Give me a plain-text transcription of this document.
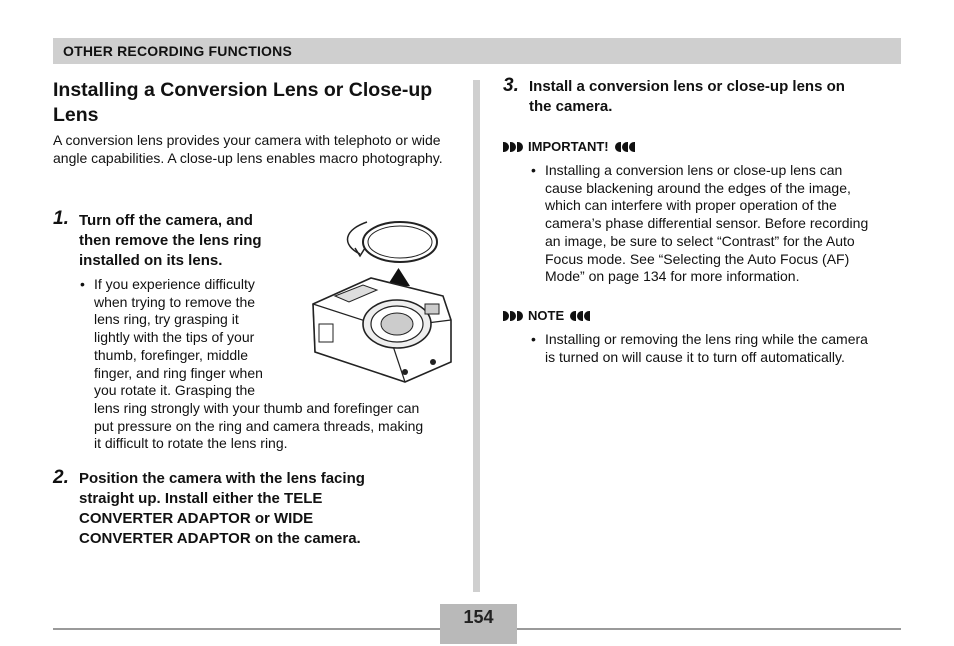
OTHER RECORDING FUNCTIONS
Installing a Conversion Lens or Close-up Lens

A conversion lens provides your camera with telephoto or wide angle capabilities. A close-up lens enables macro photography.

1. Turn off the camera, and
then remove the lens ring
installed on its lens.
• If you experience difficulty
when trying to remove the
lens ring, try grasping it
lightly with the tips of your
thumb, forefinger, middle
finger, and ring finger when
you rotate it. Grasping the
lens ring strongly with your thumb and forefinger can
put pressure on the ring and camera threads, making
it difficult to rotate the lens ring.
2. Position the camera with the lens facing
straight up. Install either the TELE
CONVERTER ADAPTOR or WIDE
CONVERTER ADAPTOR on the camera.
3. Install a conversion lens or close-up lens on
the camera.
IMPORTANT!
• Installing a conversion lens or close-up lens can
cause blackening around the edges of the image,
which can interfere with proper operation of the
camera’s phase differential sensor. Before recording
an image, be sure to select “Contrast” for the Auto
Focus mode. See “Selecting the Auto Focus (AF)
Mode” on page 134 for more information.
NOTE
• Installing or removing the lens ring while the camera
is turned on will cause it to turn off automatically.
154
